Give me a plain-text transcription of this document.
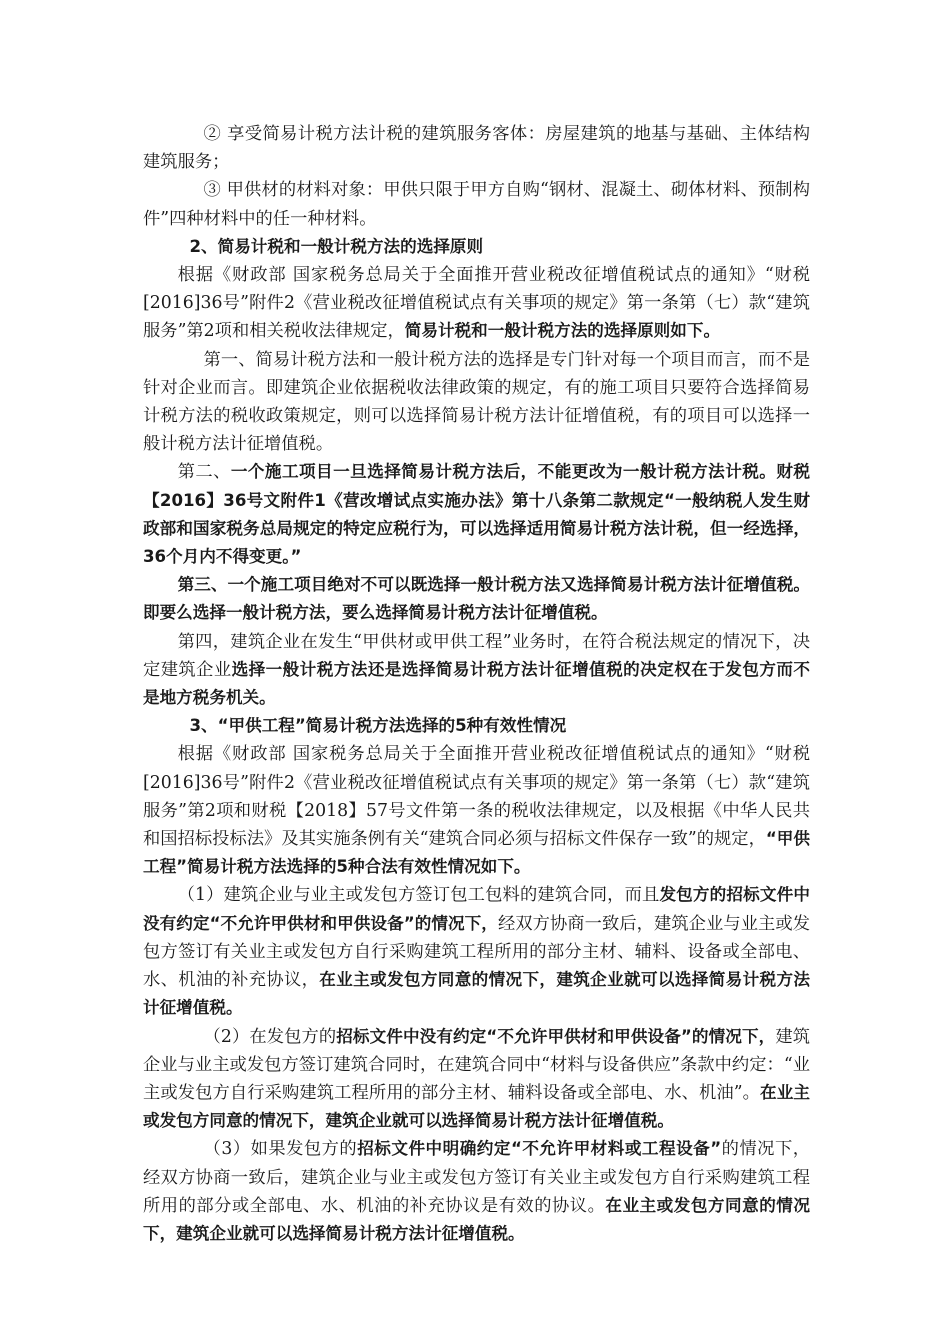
② 享受简易计税方法计税的建筑服务客体：房屋建筑的地基与基础、主体结构建筑服务；

③ 甲供材的材料对象：甲供只限于甲方自购“钢材、混凝土、砌体材料、预制构件”四种材料中的任一种材料。

2、简易计税和一般计税方法的选择原则

根据《财政部 国家税务总局关于全面推开营业税改征增值税试点的通知》“财税[2016]36号”附件2《营业税改征增值税试点有关事项的规定》第一条第（七）款“建筑服务”第2项和相关税收法律规定，简易计税和一般计税方法的选择原则如下。

第一、简易计税方法和一般计税方法的选择是专门针对每一个项目而言，而不是针对企业而言。即建筑企业依据税收法律政策的规定，有的施工项目只要符合选择简易计税方法的税收政策规定，则可以选择简易计税方法计征增值税，有的项目可以选择一般计税方法计征增值税。

第二、一个施工项目一旦选择简易计税方法后，不能更改为一般计税方法计税。财税【2016】36号文附件1《营改增试点实施办法》第十八条第二款规定“一般纳税人发生财政部和国家税务总局规定的特定应税行为，可以选择适用简易计税方法计税，但一经选择，36个月内不得变更。”

第三、一个施工项目绝对不可以既选择一般计税方法又选择简易计税方法计征增值税。即要么选择一般计税方法，要么选择简易计税方法计征增值税。

第四，建筑企业在发生“甲供材或甲供工程”业务时，在符合税法规定的情况下，决定建筑企业选择一般计税方法还是选择简易计税方法计征增值税的决定权在于发包方而不是地方税务机关。

3、“甲供工程”简易计税方法选择的5种有效性情况

根据《财政部 国家税务总局关于全面推开营业税改征增值税试点的通知》“财税[2016]36号”附件2《营业税改征增值税试点有关事项的规定》第一条第（七）款“建筑服务”第2项和财税【2018】57号文件第一条的税收法律规定，以及根据《中华人民共和国招标投标法》及其实施条例有关“建筑合同必须与招标文件保存一致”的规定，“甲供工程”简易计税方法选择的5种合法有效性情况如下。

（1）建筑企业与业主或发包方签订包工包料的建筑合同，而且发包方的招标文件中没有约定“不允许甲供材和甲供设备”的情况下，经双方协商一致后，建筑企业与业主或发包方签订有关业主或发包方自行采购建筑工程所用的部分主材、辅料、设备或全部电、水、机油的补充协议，在业主或发包方同意的情况下，建筑企业就可以选择简易计税方法计征增值税。

（2）在发包方的招标文件中没有约定“不允许甲供材和甲供设备”的情况下，建筑企业与业主或发包方签订建筑合同时，在建筑合同中“材料与设备供应”条款中约定：“业主或发包方自行采购建筑工程所用的部分主材、辅料设备或全部电、水、机油”。在业主或发包方同意的情况下，建筑企业就可以选择简易计税方法计征增值税。

（3）如果发包方的招标文件中明确约定“不允许甲材料或工程设备”的情况下，经双方协商一致后，建筑企业与业主或发包方签订有关业主或发包方自行采购建筑工程所用的部分或全部电、水、机油的补充协议是有效的协议。在业主或发包方同意的情况下，建筑企业就可以选择简易计税方法计征增值税。
